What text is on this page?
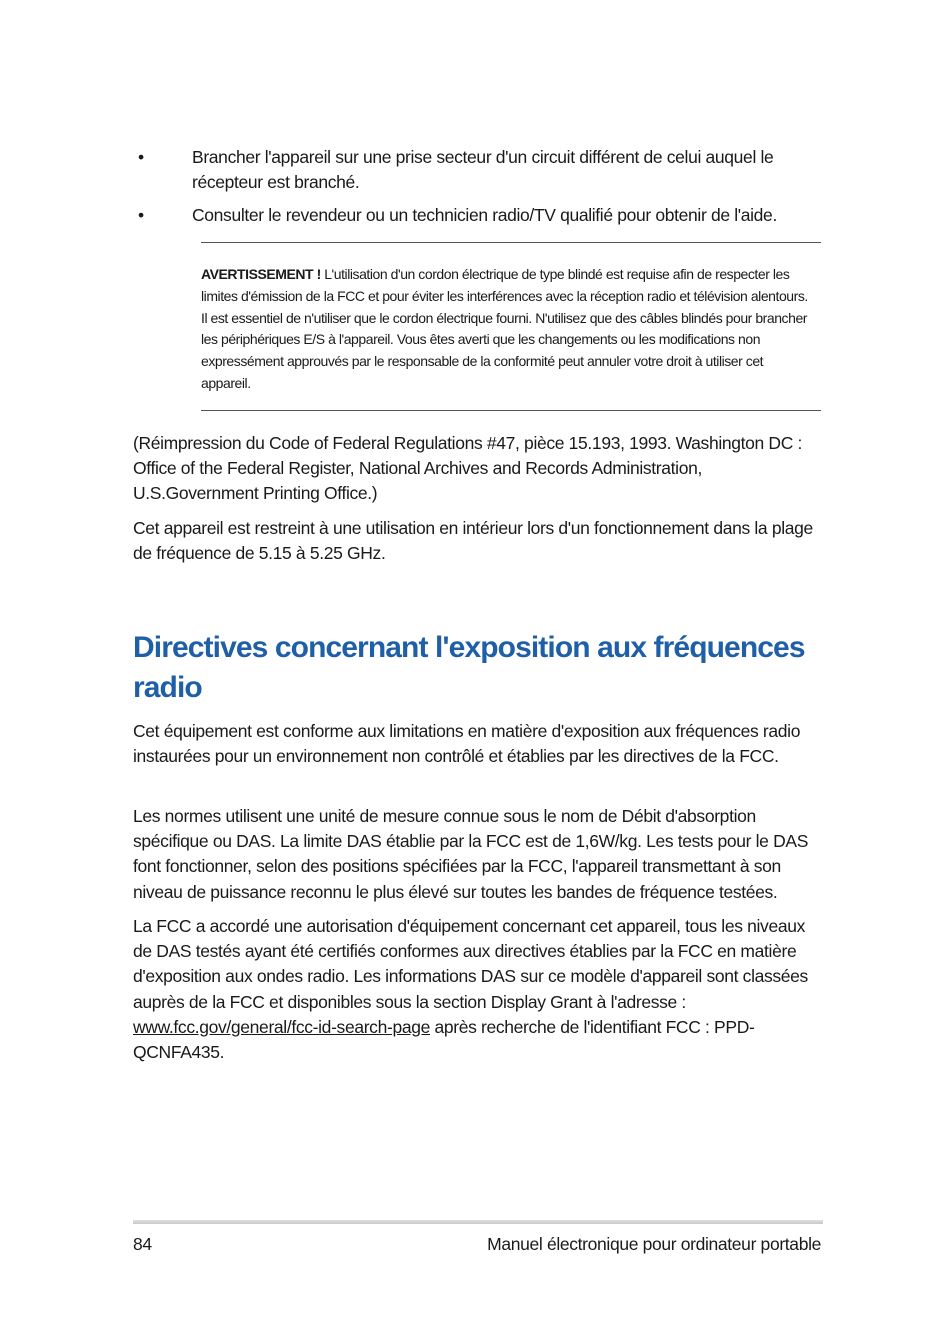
•	Brancher l'appareil sur une prise secteur d'un circuit différent de celui auquel le récepteur est branché.
•	Consulter le revendeur ou un technicien radio/TV qualifié pour obtenir de l'aide.
AVERTISSEMENT ! L'utilisation d'un cordon électrique de type blindé est requise afin de respecter les limites d'émission de la FCC et pour éviter les interférences avec la réception radio et télévision alentours. Il est essentiel de n'utiliser que le cordon électrique fourni. N'utilisez que des câbles blindés pour brancher les périphériques E/S à l'appareil. Vous êtes averti que les changements ou les modifications non expressément approuvés par le responsable de la conformité peut annuler votre droit à utiliser cet appareil.

(Réimpression du Code of Federal Regulations #47, pièce 15.193, 1993. Washington DC : Office of the Federal Register, National Archives and Records Administration, U.S.Government Printing Office.)

Cet appareil est restreint à une utilisation en intérieur lors d'un fonctionnement dans la plage de fréquence de 5.15 à 5.25 GHz.

Directives concernant l'exposition aux fréquences radio

Cet équipement est conforme aux limitations en matière d'exposition aux fréquences radio instaurées pour un environnement non contrôlé et établies par les directives de la FCC.

Les normes utilisent une unité de mesure connue sous le nom de Débit d'absorption spécifique ou DAS. La limite DAS établie par la FCC est de 1,6W/kg. Les tests pour le DAS font fonctionner, selon des positions spécifiées par la FCC, l'appareil transmettant à son niveau de puissance reconnu le plus élevé sur toutes les bandes de fréquence testées.

La FCC a accordé une autorisation d'équipement concernant cet appareil, tous les niveaux de DAS testés ayant été certifiés conformes aux directives établies par la FCC en matière d'exposition aux ondes radio. Les informations DAS sur ce modèle d'appareil sont classées auprès de la FCC et disponibles sous la section Display Grant à l'adresse : www.fcc.gov/general/fcc-id-search-page après recherche de l'identifiant FCC : PPD-QCNFA435.

84	Manuel électronique pour ordinateur portable
